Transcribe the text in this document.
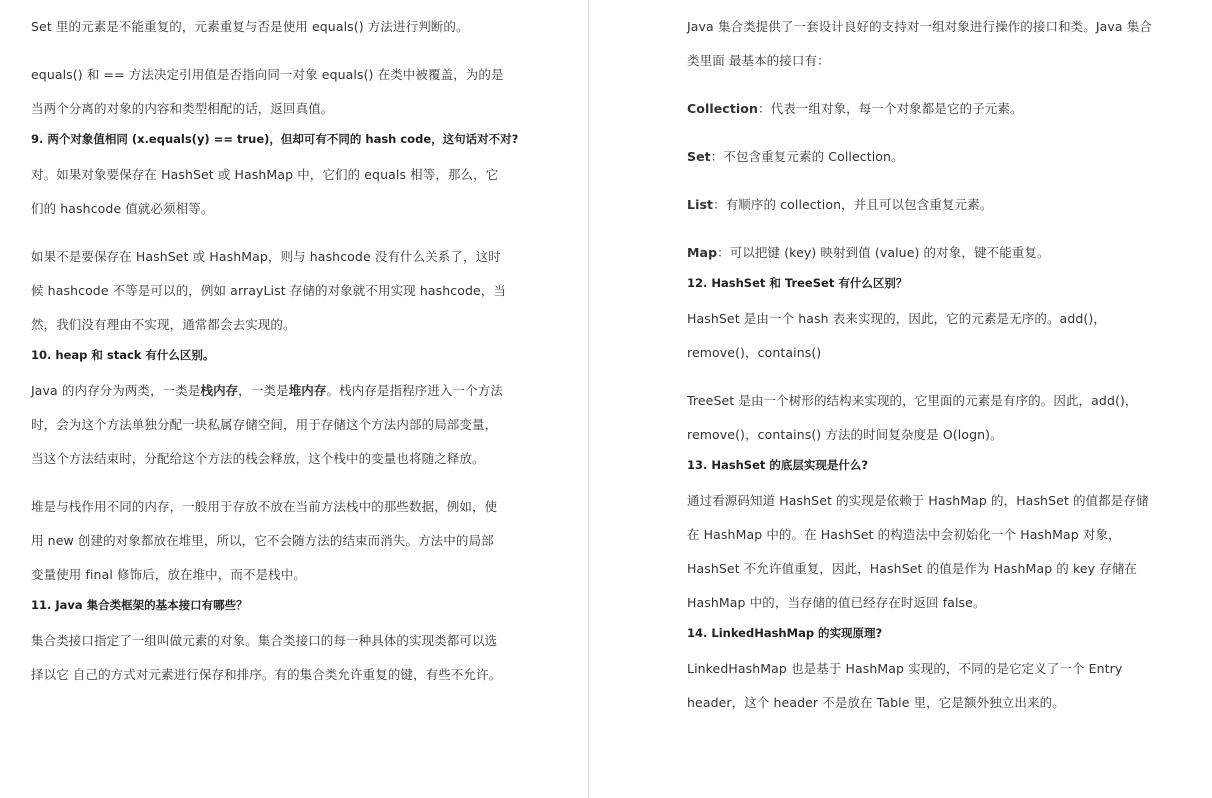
Set 里的元素是不能重复的，元素重复与否是使用 equals() 方法进行判断的。

equals() 和 == 方法决定引用值是否指向同一对象 equals() 在类中被覆盖，为的是
当两个分离的对象的内容和类型相配的话，返回真值。

9. 两个对象值相同 (x.equals(y) == true)，但却可有不同的 hash code，这句话对不对?

对。如果对象要保存在 HashSet 或 HashMap 中，它们的 equals 相等，那么，它
们的 hashcode 值就必须相等。

如果不是要保存在 HashSet 或 HashMap，则与 hashcode 没有什么关系了，这时
候 hashcode 不等是可以的，例如 arrayList 存储的对象就不用实现 hashcode，当
然，我们没有理由不实现，通常都会去实现的。

10. heap 和 stack 有什么区别。

Java 的内存分为两类，一类是栈内存，一类是堆内存。栈内存是指程序进入一个方法
时，会为这个方法单独分配一块私属存储空间，用于存储这个方法内部的局部变量，
当这个方法结束时，分配给这个方法的栈会释放，这个栈中的变量也将随之释放。

堆是与栈作用不同的内存，一般用于存放不放在当前方法栈中的那些数据，例如，使
用 new 创建的对象都放在堆里，所以，它不会随方法的结束而消失。方法中的局部
变量使用 final 修饰后，放在堆中，而不是栈中。

11. Java 集合类框架的基本接口有哪些？

集合类接口指定了一组叫做元素的对象。集合类接口的每一种具体的实现类都可以选
择以它 自己的方式对元素进行保存和排序。有的集合类允许重复的键，有些不允许。

Java 集合类提供了一套设计良好的支持对一组对象进行操作的接口和类。Java 集合
类里面 最基本的接口有：

Collection：代表一组对象，每一个对象都是它的子元素。

Set：不包含重复元素的 Collection。

List：有顺序的 collection，并且可以包含重复元素。

Map：可以把键 (key) 映射到值 (value) 的对象，键不能重复。

12. HashSet 和 TreeSet 有什么区别？

HashSet 是由一个 hash 表来实现的，因此，它的元素是无序的。add()，
remove()，contains()

TreeSet 是由一个树形的结构来实现的，它里面的元素是有序的。因此，add()，
remove()，contains() 方法的时间复杂度是 O(logn)。

13. HashSet 的底层实现是什么?

通过看源码知道 HashSet 的实现是依赖于 HashMap 的，HashSet 的值都是存储
在 HashMap 中的。在 HashSet 的构造法中会初始化一个 HashMap 对象，
HashSet 不允许值重复，因此，HashSet 的值是作为 HashMap 的 key 存储在
HashMap 中的，当存储的值已经存在时返回 false。

14. LinkedHashMap 的实现原理?

LinkedHashMap 也是基于 HashMap 实现的，不同的是它定义了一个 Entry
header，这个 header 不是放在 Table 里，它是额外独立出来的。
